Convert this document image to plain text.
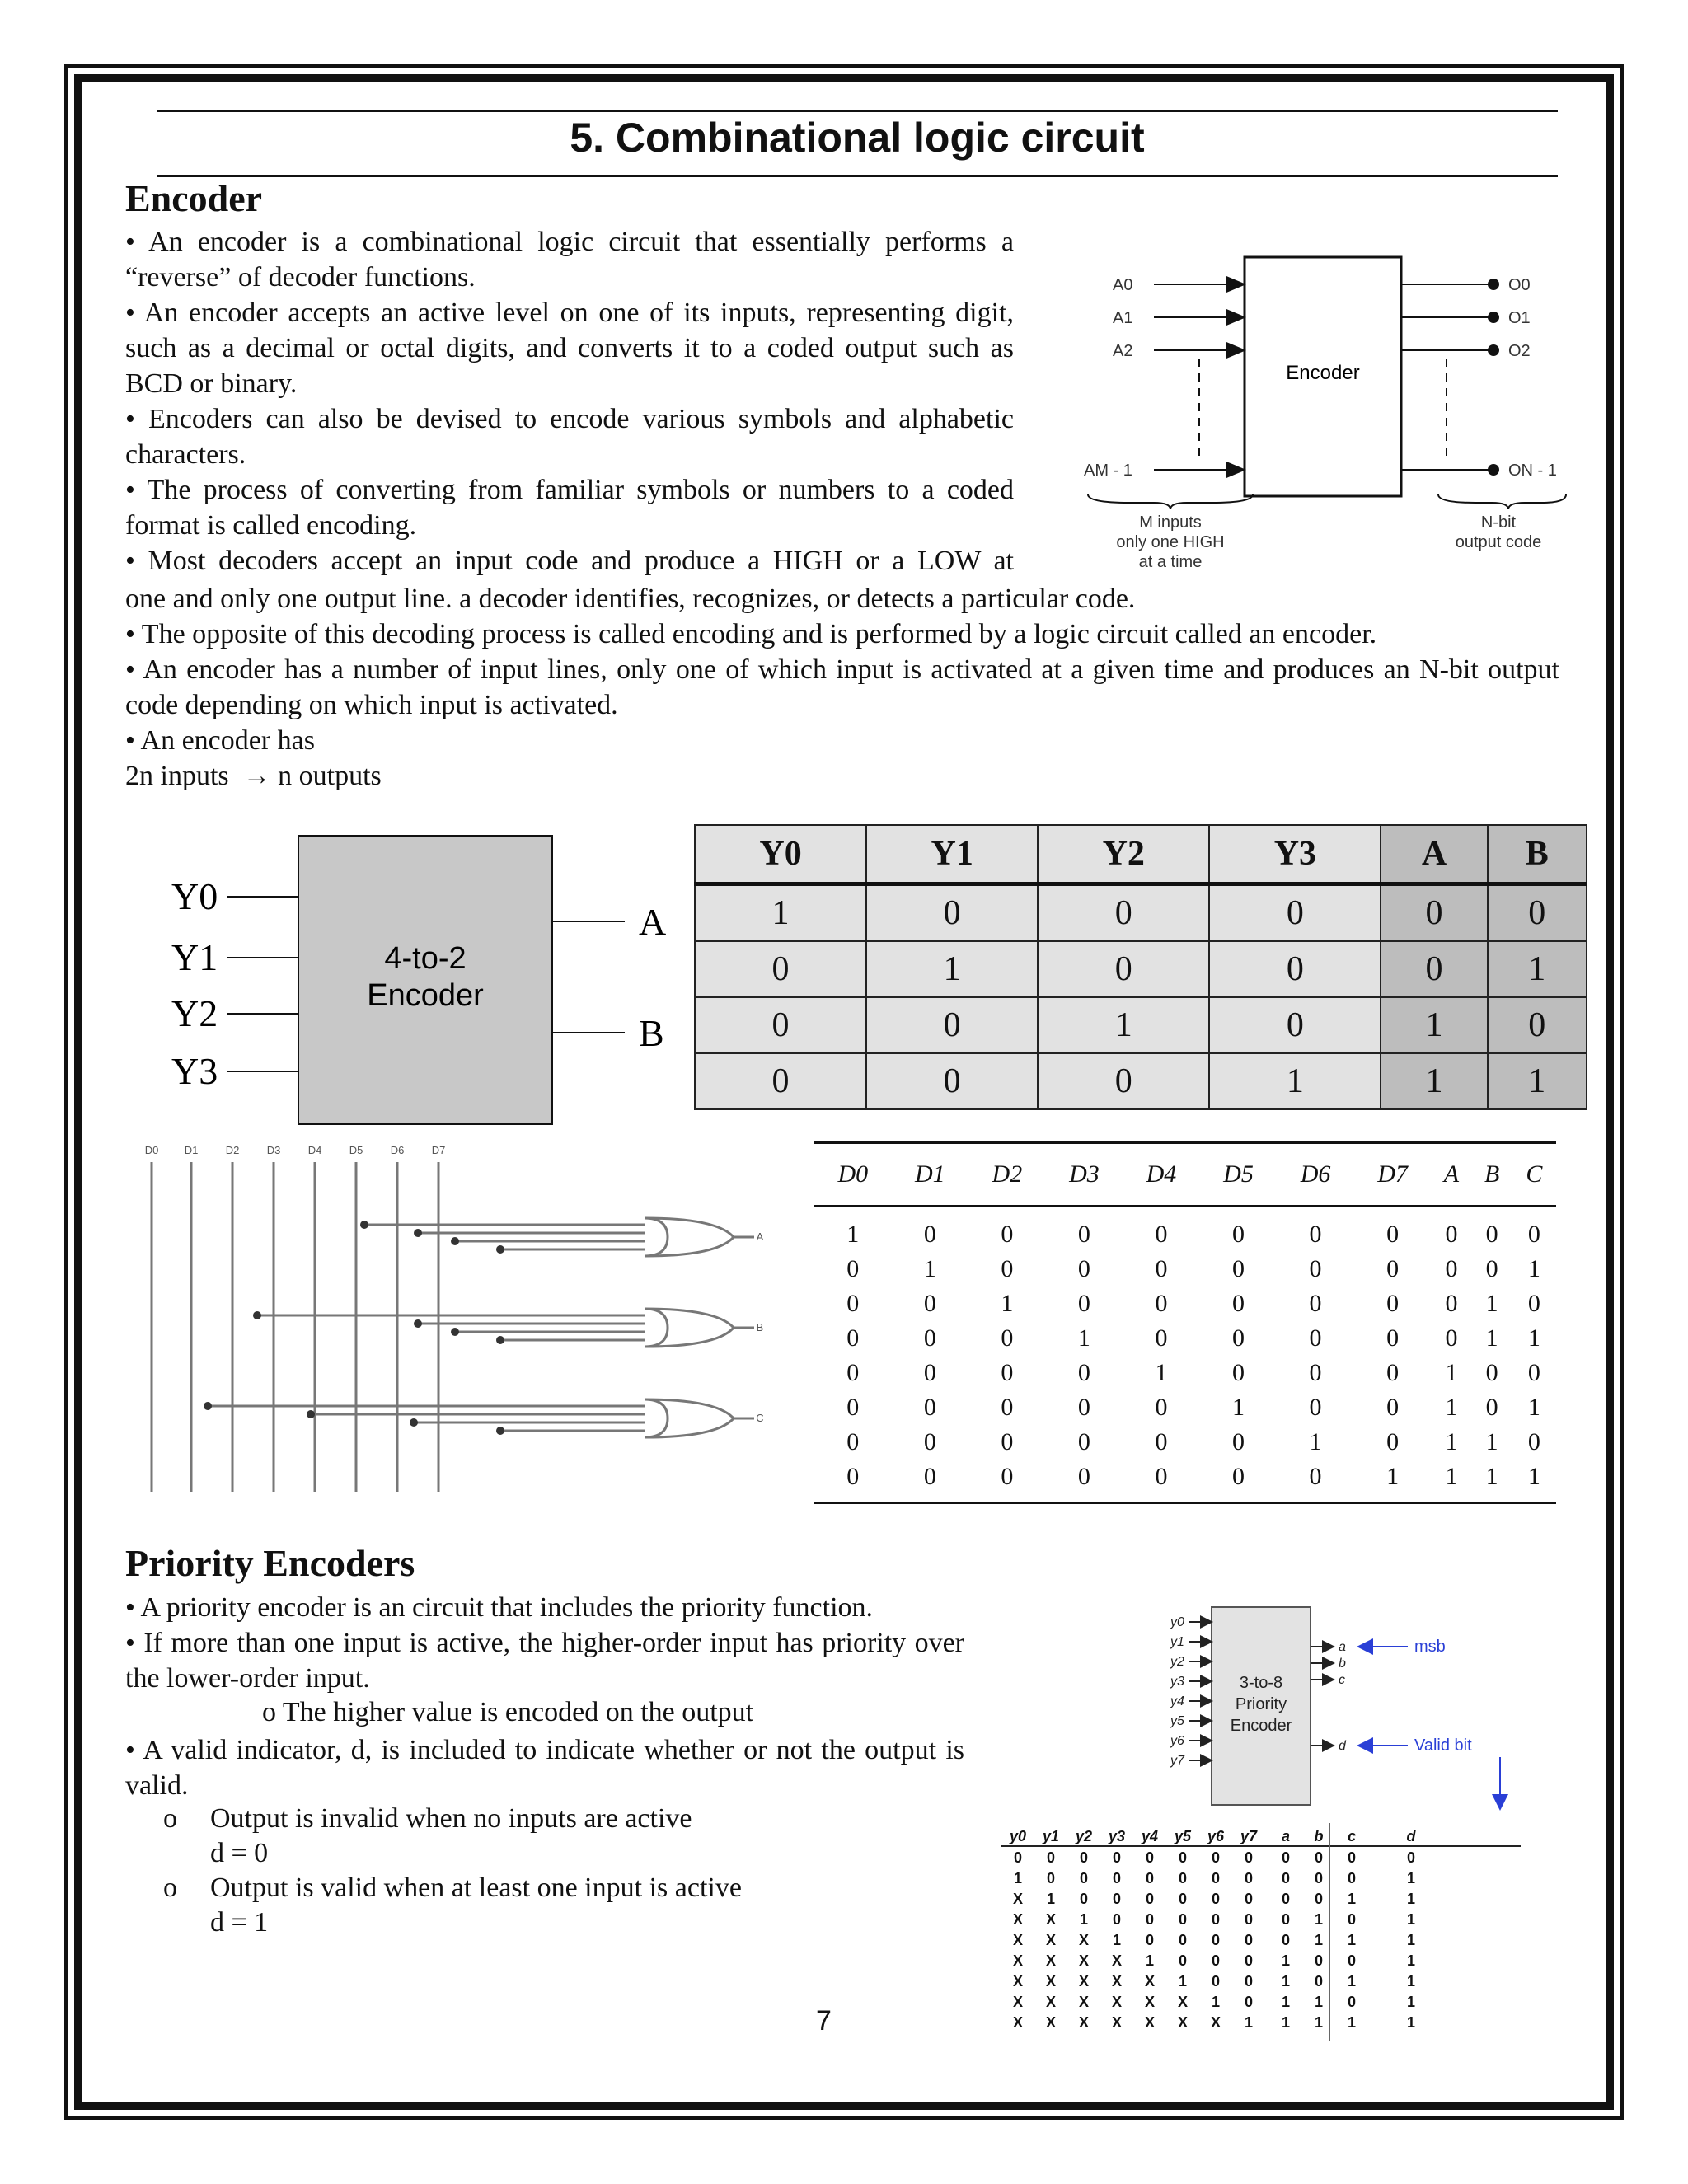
5. Combinational logic circuit
Encoder

• An encoder is a combinational logic circuit that essentially performs a “reverse” of decoder functions.

• An encoder accepts an active level on one of its inputs, representing digit, such as a decimal or octal digits, and converts it to a coded output such as BCD or binary.

• Encoders can also be devised to encode various symbols and alphabetic characters.

• The process of converting from familiar symbols or numbers to a coded format is called encoding.

• Most decoders accept an input code and produce a HIGH or a LOW at

one and only one output line. a decoder identifies, recognizes, or detects a particular code.

• The opposite of this decoding process is called encoding and is performed by a logic circuit called an encoder.

• An encoder has a number of input lines, only one of which input is activated at a given time and produces an N-bit output code depending on which input is activated.

• An encoder has

2n inputs  → n outputs

Encoder
A0
A1
A2
AM - 1
O0
O1
O2
ON - 1
M inputs
only one HIGH
at a time
N-bit
output code
4-to-2
Encoder
Y0
Y1
Y2
Y3
A
B
Y0	Y1	Y2	Y3	A	B
1	0	0	0	0	0
0	1	0	0	0	1
0	0	1	0	1	0
0	0	0	1	1	1
D0 D1	D2	D3	D4	D5	D6	D7
A
B
C
D0	D1	D2	D3	D4	D5	D6	D7	A	B	C
1	0	0	0	0	0	0	0	0	0	0
0	1	0	0	0	0	0	0	0	0	1
0	0	1	0	0	0	0	0	0	1	0
0	0	0	1	0	0	0	0	0	1	1
0	0	0	0	1	0	0	0	1	0	0
0	0	0	0	0	1	0	0	1	0	1
0	0	0	0	0	0	1	0	1	1	0
0	0	0	0	0	0	0	1	1	1	1
Priority Encoders

• A priority encoder is an circuit that includes the priority function.

• If more than one input is active, the higher-order input has priority over the lower-order input.

o The higher value is encoded on the output

• A valid indicator, d, is included to indicate whether or not the output is valid.

o Output is invalid when no inputs are active
d = 0
o Output is valid when at least one input is active
d = 1
3-to-8
Priority
Encoder
y0
y1
y2
y3
y4
y5
y6
y7
a
b
c
d
msb
Valid bit
y0 y1 y2 y3 y4 y5 y6 y7 a b c	d
0 0 0 0 0 0 0 0 0 0 0	0
1 0 0 0 0 0 0 0 0 0 0	1
X 1 0 0 0 0 0 0 0 0 1	1
X X 1 0 0 0 0 0 0 1 0	1
X X X 1 0 0 0 0 0 1 1	1
X X X X 1 0 0 0 1 0 0	1
X X X X X 1 0 0 1 0 1	1
X X X X X X 1 0 1 1 0	1
X X X X X X X 1 1 1 1	1
7
